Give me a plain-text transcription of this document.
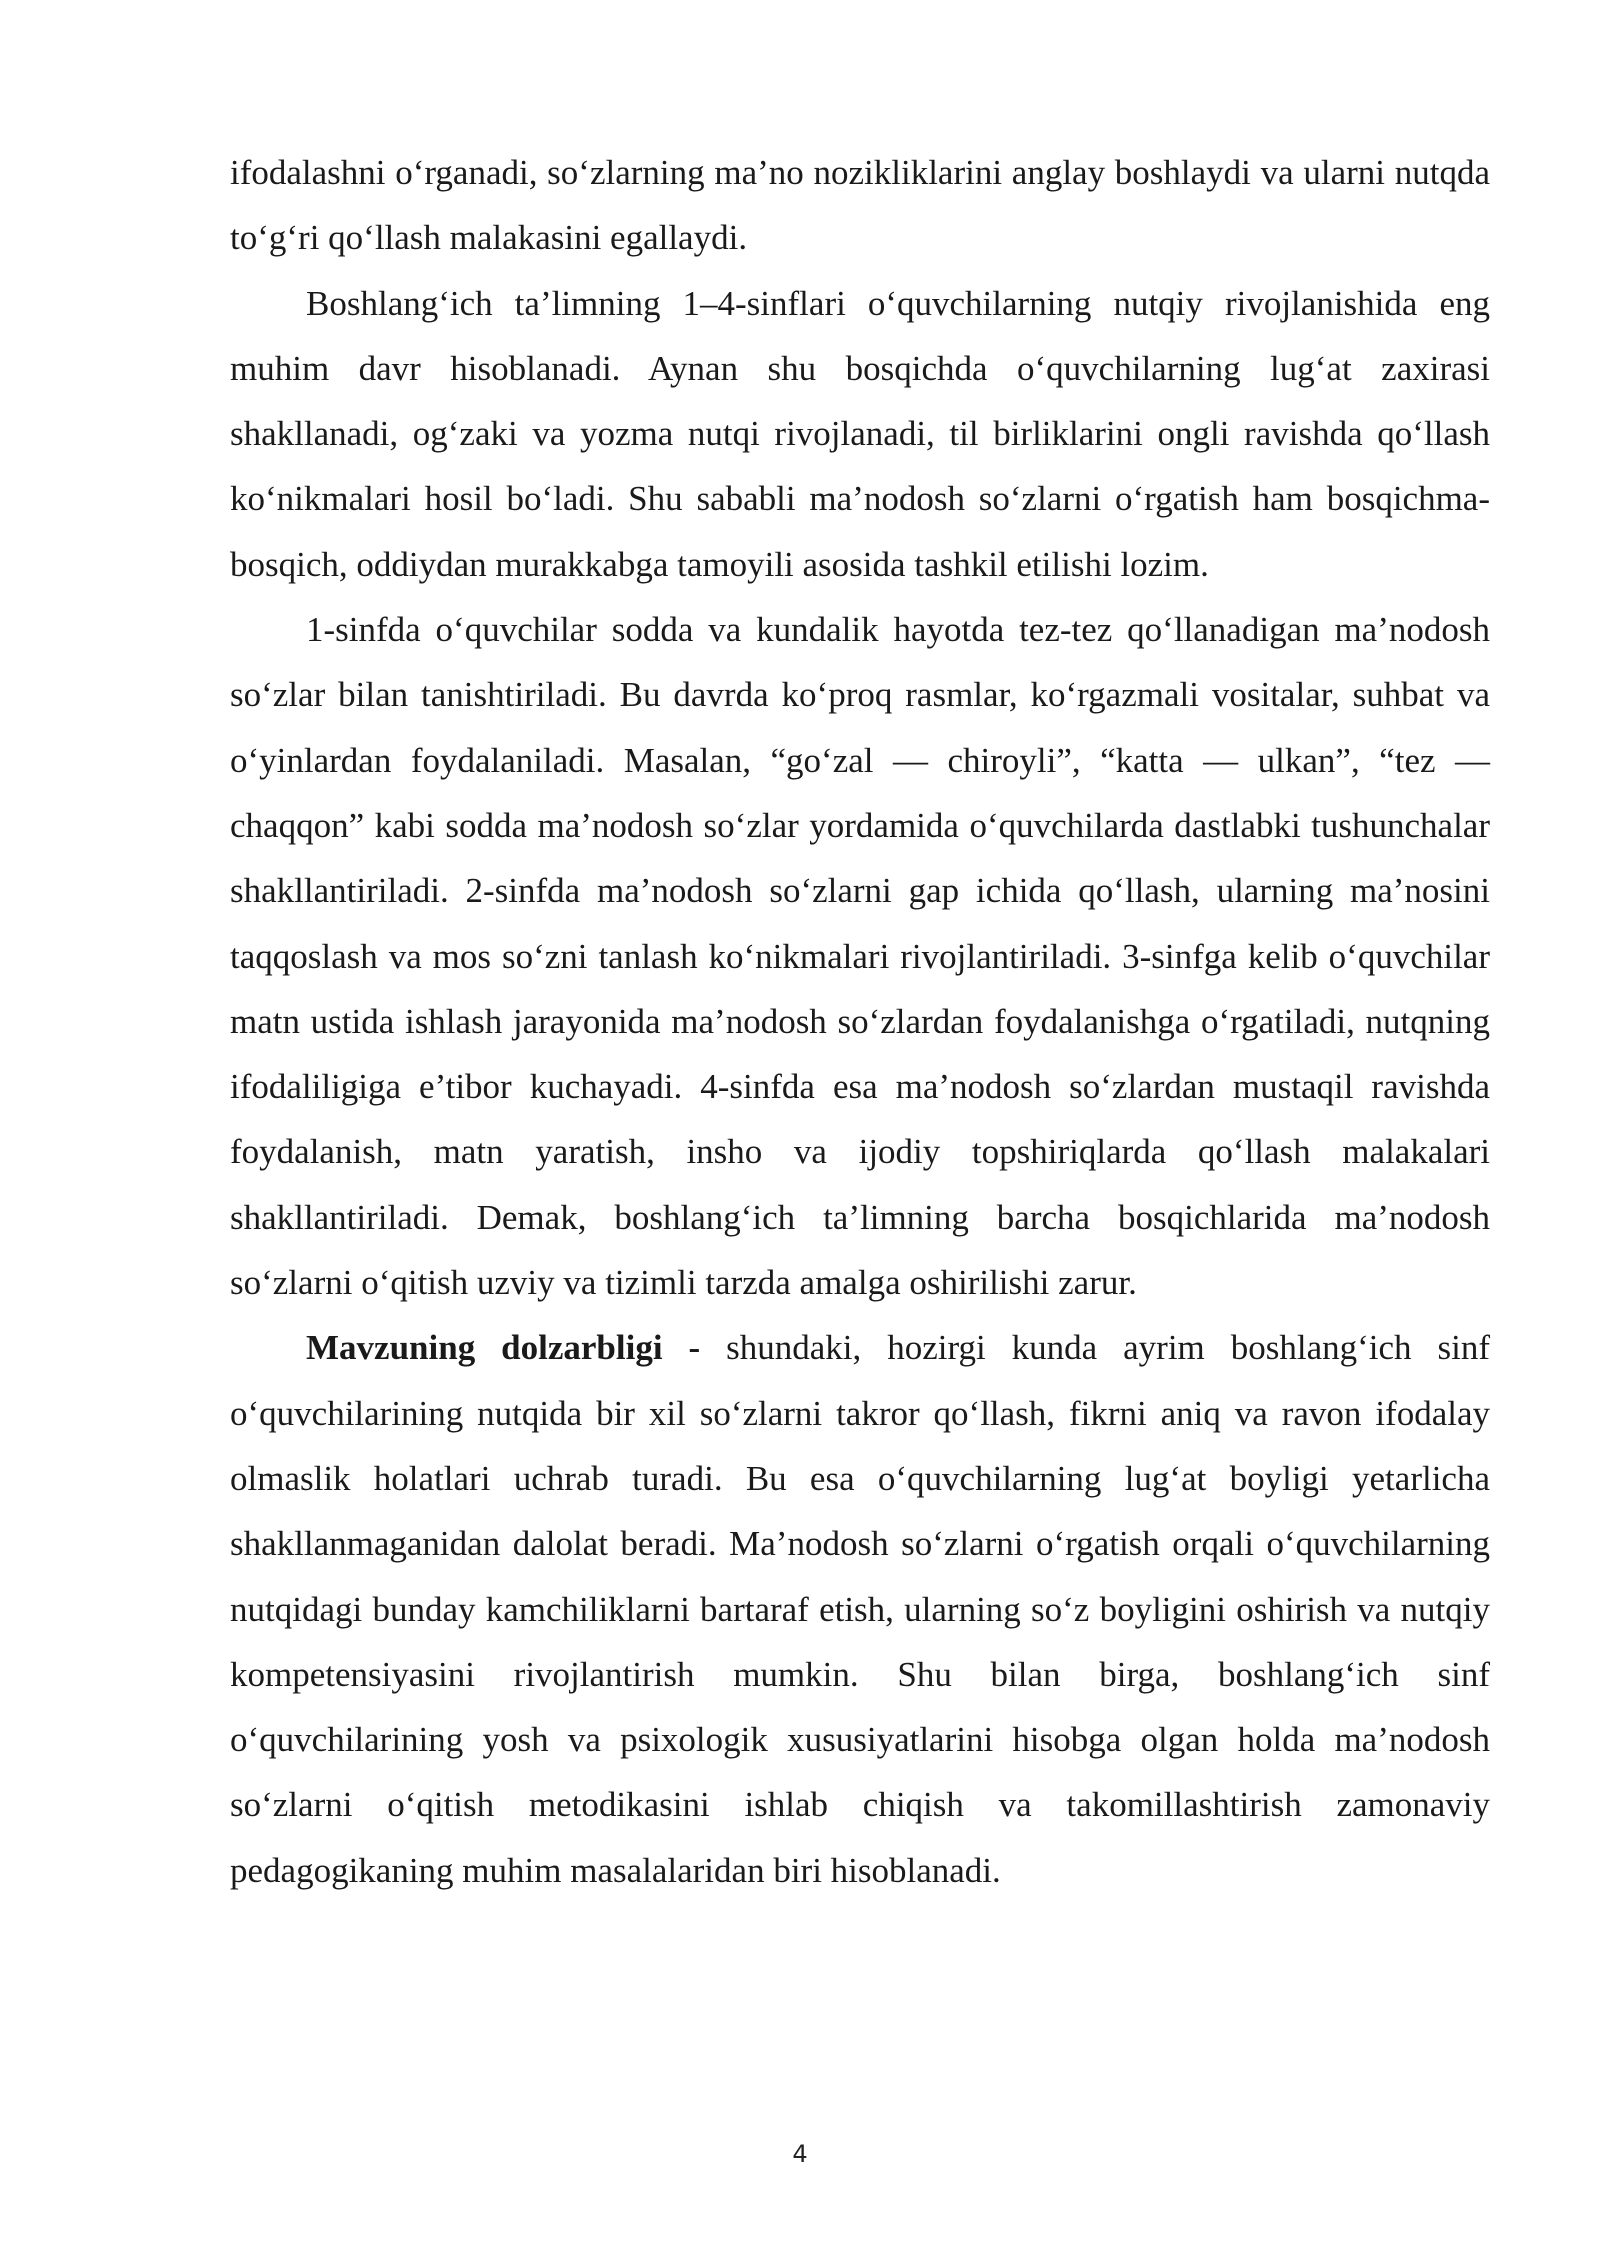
ifodalashni o‘rganadi, so‘zlarning ma’no nozikliklarini anglay boshlaydi va ularni nutqda to‘g‘ri qo‘llash malakasini egallaydi.

Boshlang‘ich ta’limning 1–4-sinflari o‘quvchilarning nutqiy rivojlanishida eng muhim davr hisoblanadi. Aynan shu bosqichda o‘quvchilarning lug‘at zaxirasi shakllanadi, og‘zaki va yozma nutqi rivojlanadi, til birliklarini ongli ravishda qo‘llash ko‘nikmalari hosil bo‘ladi. Shu sababli ma’nodosh so‘zlarni o‘rgatish ham bosqichma-bosqich, oddiydan murakkabga tamoyili asosida tashkil etilishi lozim.

1-sinfda o‘quvchilar sodda va kundalik hayotda tez-tez qo‘llanadigan ma’nodosh so‘zlar bilan tanishtiriladi. Bu davrda ko‘proq rasmlar, ko‘rgazmali vositalar, suhbat va o‘yinlardan foydalaniladi. Masalan, “go‘zal — chiroyli”, “katta — ulkan”, “tez — chaqqon” kabi sodda ma’nodosh so‘zlar yordamida o‘quvchilarda dastlabki tushunchalar shakllantiriladi. 2-sinfda ma’nodosh so‘zlarni gap ichida qo‘llash, ularning ma’nosini taqqoslash va mos so‘zni tanlash ko‘nikmalari rivojlantiriladi. 3-sinfga kelib o‘quvchilar matn ustida ishlash jarayonida ma’nodosh so‘zlardan foydalanishga o‘rgatiladi, nutqning ifodaliligiga e’tibor kuchayadi. 4-sinfda esa ma’nodosh so‘zlardan mustaqil ravishda foydalanish, matn yaratish, insho va ijodiy topshiriqlarda qo‘llash malakalari shakllantiriladi. Demak, boshlang‘ich ta’limning barcha bosqichlarida ma’nodosh so‘zlarni o‘qitish uzviy va tizimli tarzda amalga oshirilishi zarur.

Mavzuning dolzarbligi - shundaki, hozirgi kunda ayrim boshlang‘ich sinf o‘quvchilarining nutqida bir xil so‘zlarni takror qo‘llash, fikrni aniq va ravon ifodalay olmaslik holatlari uchrab turadi. Bu esa o‘quvchilarning lug‘at boyligi yetarlicha shakllanmaganidan dalolat beradi. Ma’nodosh so‘zlarni o‘rgatish orqali o‘quvchilarning nutqidagi bunday kamchiliklarni bartaraf etish, ularning so‘z boyligini oshirish va nutqiy kompetensiyasini rivojlantirish mumkin. Shu bilan birga, boshlang‘ich sinf o‘quvchilarining yosh va psixologik xususiyatlarini hisobga olgan holda ma’nodosh so‘zlarni o‘qitish metodikasini ishlab chiqish va takomillashtirish zamonaviy pedagogikaning muhim masalalaridan biri hisoblanadi.

4
